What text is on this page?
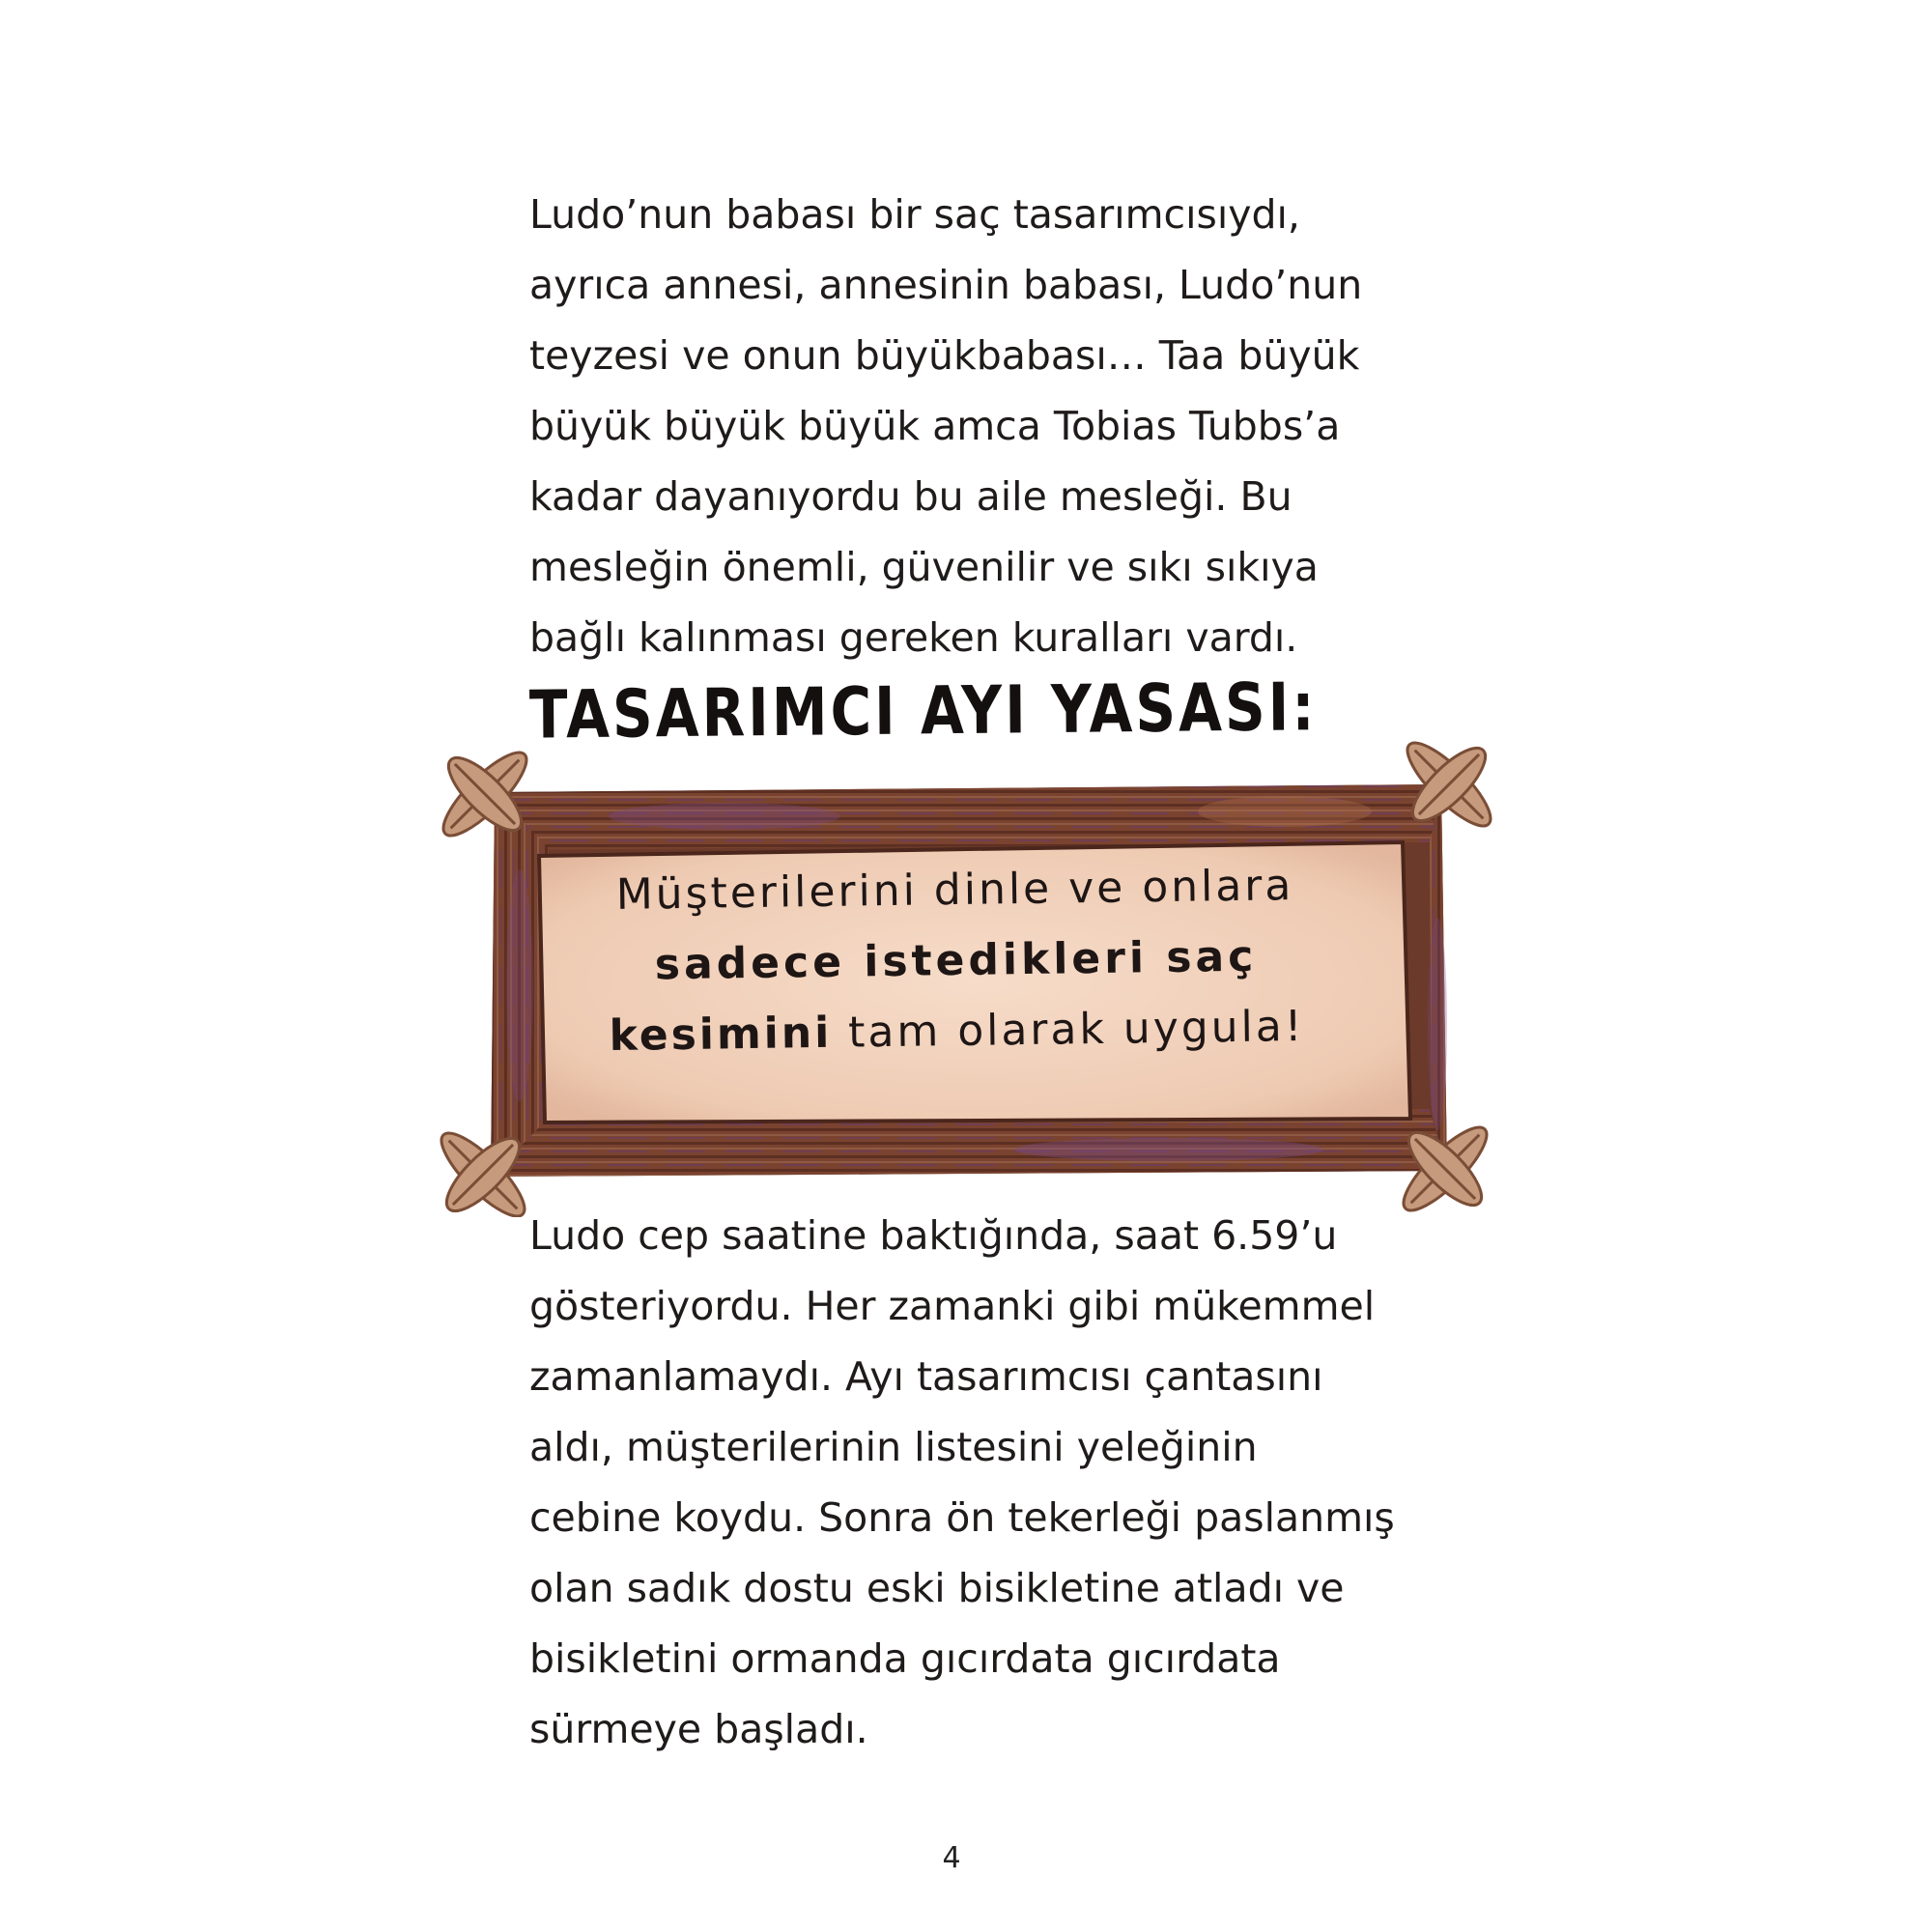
Ludo’nun babası bir saç tasarımcısıydı,
ayrıca annesi, annesinin babası, Ludo’nun
teyzesi ve onun büyükbabası… Taa büyük
büyük büyük büyük amca Tobias Tubbs’a
kadar dayanıyordu bu aile mesleği. Bu
mesleğin önemli, güvenilir ve sıkı sıkıya
bağlı kalınması gereken kuralları vardı.

TASARIMCI AYI YASASI:
Müşterilerini dinle ve onlara
sadece istedikleri saç
kesimini tam olarak uygula!

Ludo cep saatine baktığında, saat 6.59’u
gösteriyordu. Her zamanki gibi mükemmel
zamanlamaydı. Ayı tasarımcısı çantasını
aldı, müşterilerinin listesini yeleğinin
cebine koydu. Sonra ön tekerleği paslanmış
olan sadık dostu eski bisikletine atladı ve
bisikletini ormanda gıcırdata gıcırdata
sürmeye başladı.

4
